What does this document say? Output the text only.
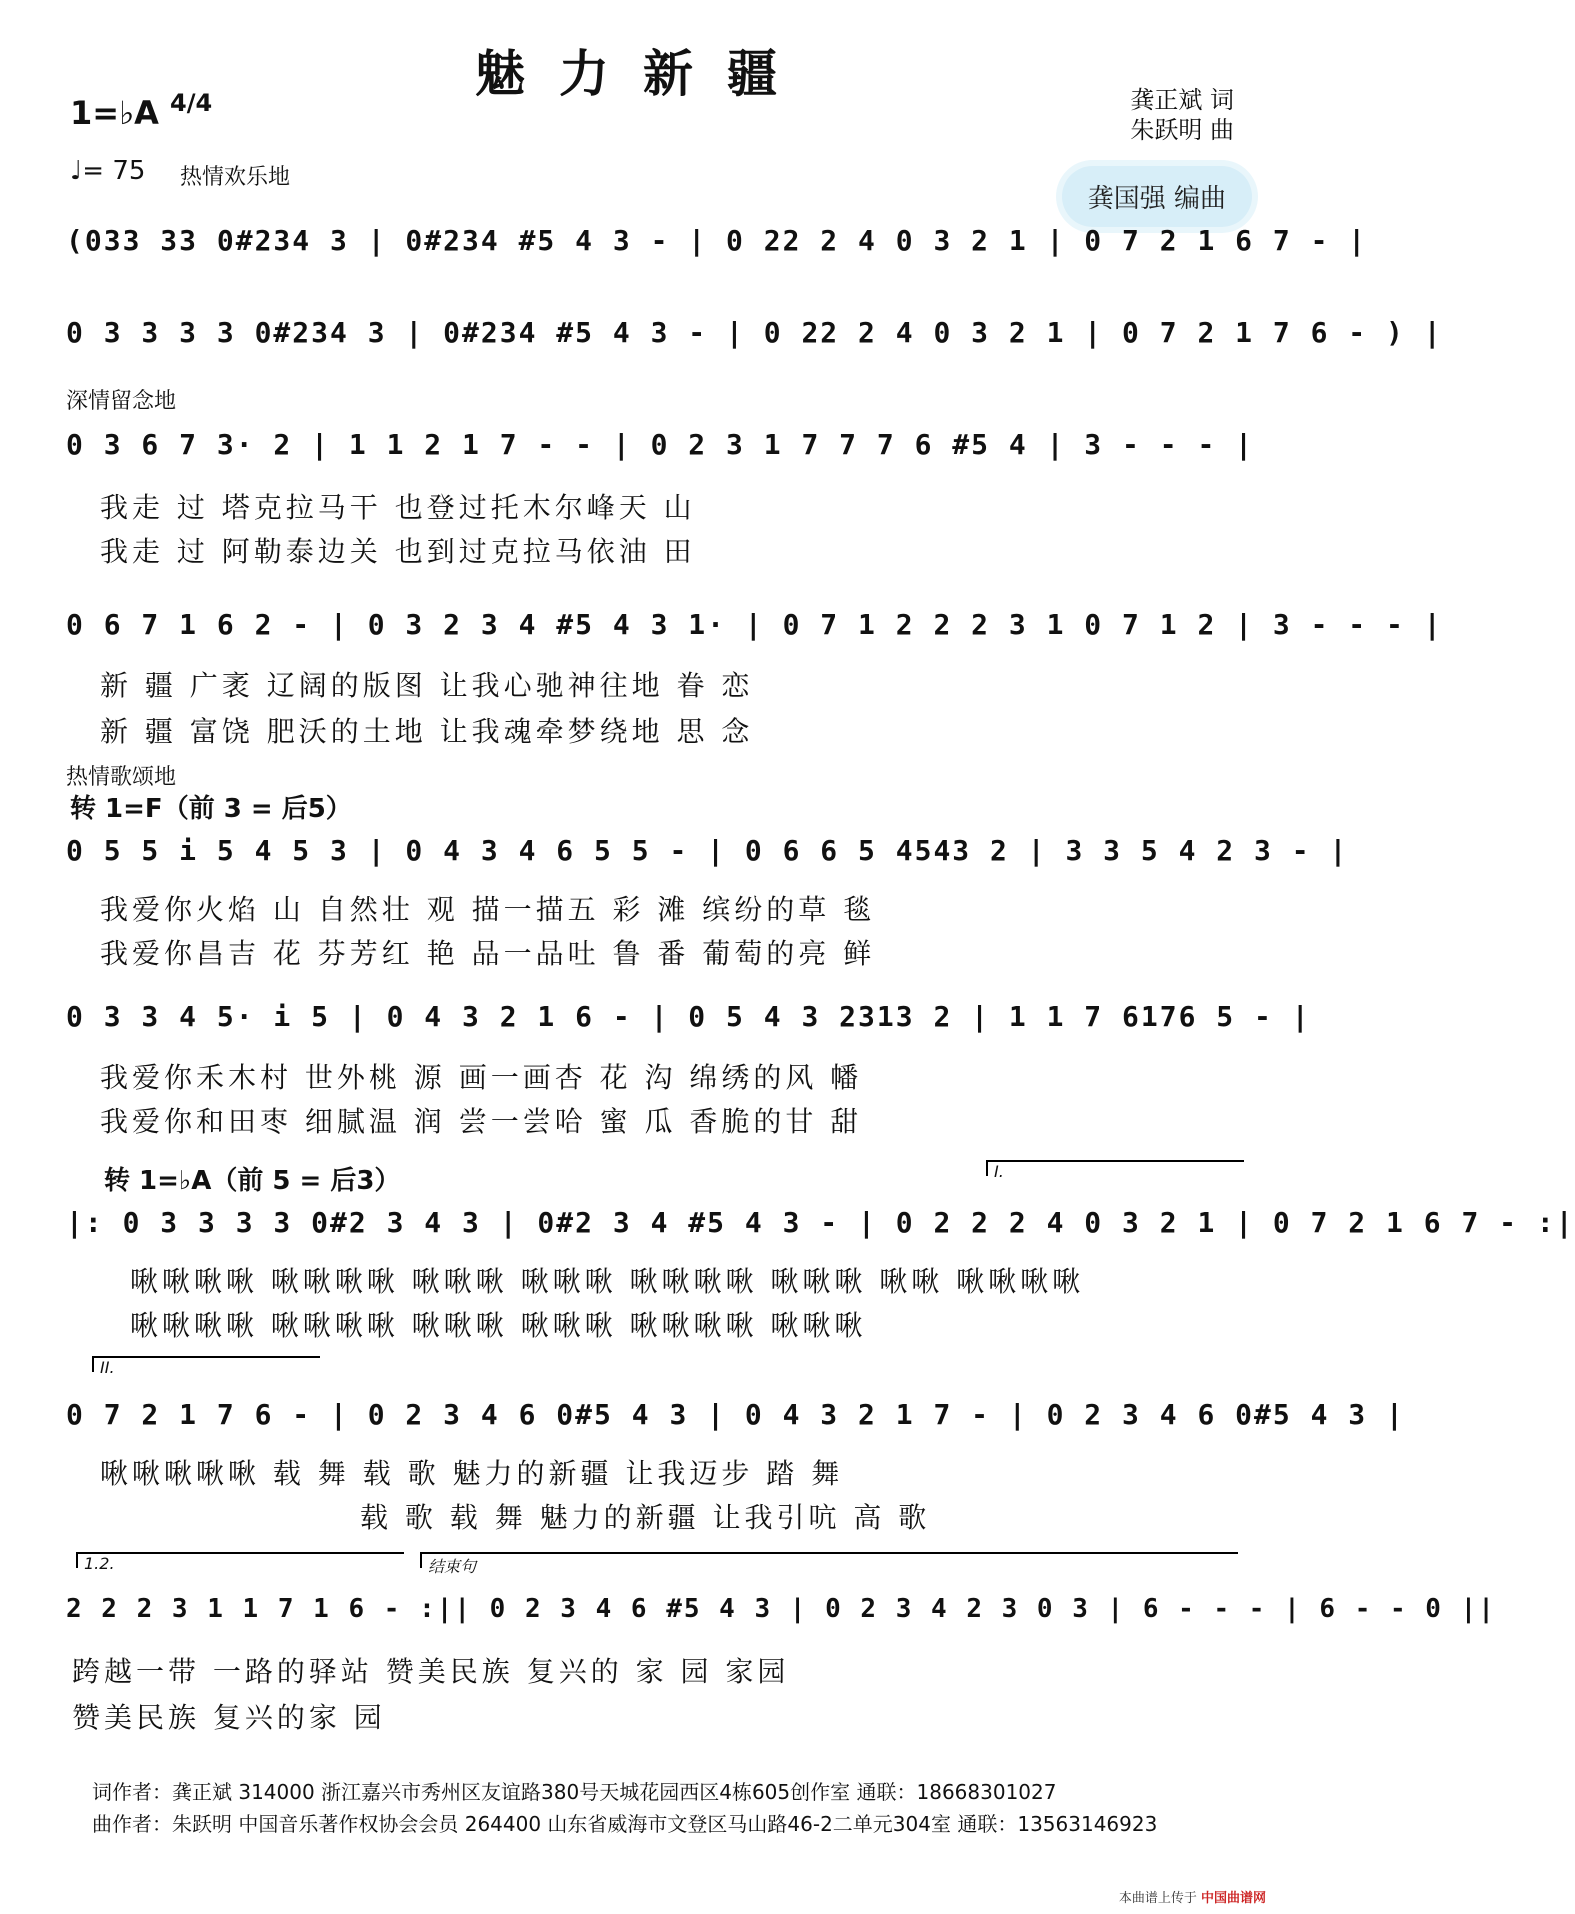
魅力新疆	龚正斌 词
朱跃明 曲
龚国强 编曲
1=♭A 4/4
♩= 75 热情欢乐地
(033 33 0#234 3 | 0#234 #5 4 3 - | 0 22 2 4 0 3 2 1 | 0 7 2 1 6 7 - |
0 3 3 3 3 0#234 3 | 0#234 #5 4 3 - | 0 22 2 4 0 3 2 1 | 0 7 2 1 7 6 - ) |
深情留念地
0 3 6 7 3· 2 | 1 1 2 1 7 - - | 0 2 3 1 7 7 7 6 #5 4 | 3 - - - |
我走 过 塔克拉马干 也登过托木尔峰天 山
我走 过 阿勒泰边关 也到过克拉马依油 田
0 6 7 1 6 2 - | 0 3 2 3 4 #5 4 3 1· | 0 7 1 2 2 2 3 1 0 7 1 2 | 3 - - - |
新 疆 广袤 辽阔的版图 让我心驰神往地 眷 恋
新 疆 富饶 肥沃的土地 让我魂牵梦绕地 思 念
热情歌颂地
转 1=F（前 3 = 后5）
0 5 5 i 5 4 5 3 | 0 4 3 4 6 5 5 - | 0 6 6 5 4543 2 | 3 3 5 4 2 3 - |
我爱你火焰 山 自然壮 观 描一描五 彩 滩 缤纷的草 毯
我爱你昌吉 花 芬芳红 艳 品一品吐 鲁 番 葡萄的亮 鲜
0 3 3 4 5· i 5 | 0 4 3 2 1 6 - | 0 5 4 3 2313 2 | 1 1 7 6176 5 - |
我爱你禾木村 世外桃 源 画一画杏 花 沟 绵绣的风 幡
我爱你和田枣 细腻温 润 尝一尝哈 蜜 瓜 香脆的甘 甜
转 1=♭A（前 5 = 后3）	I.
|: 0 3 3 3 3 0#2 3 4 3 | 0#2 3 4 #5 4 3 - | 0 2 2 2 4 0 3 2 1 | 0 7 2 1 6 7 - :|
啾啾啾啾 啾啾啾啾 啾啾啾 啾啾啾 啾啾啾啾 啾啾啾 啾啾 啾啾啾啾
啾啾啾啾 啾啾啾啾 啾啾啾 啾啾啾 啾啾啾啾 啾啾啾
II.
0 7 2 1 7 6 - | 0 2 3 4 6 0#5 4 3 | 0 4 3 2 1 7 - | 0 2 3 4 6 0#5 4 3 |
啾啾啾啾啾 载 舞 载 歌 魅力的新疆 让我迈步 踏 舞
载 歌 载 舞 魅力的新疆 让我引吭 高 歌
1.2.	结束句
2 2 2 3 1 1 7 1 6 - :|| 0 2 3 4 6 #5 4 3 | 0 2 3 4 2 3 0 3 | 6 - - - | 6 - - 0 ||
跨越一带 一路的驿站 赞美民族 复兴的 家 园 家园
赞美民族 复兴的家 园
词作者：龚正斌 314000 浙江嘉兴市秀州区友谊路380号天城花园西区4栋605创作室 通联：18668301027
曲作者：朱跃明 中国音乐著作权协会会员 264400 山东省威海市文登区马山路46-2二单元304室 通联：13563146923
本曲谱上传于 中国曲谱网
